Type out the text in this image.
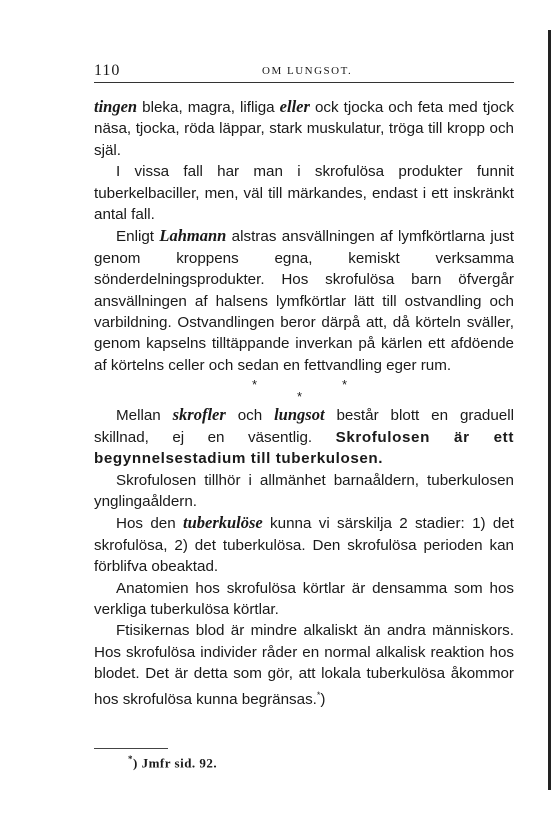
110	OM LUNGSOT.

tingen bleka, magra, lifliga eller ock tjocka och feta med tjock näsa, tjocka, röda läppar, stark muskulatur, tröga till kropp och själ.

I vissa fall har man i skrofulösa produkter funnit tuberkelbaciller, men, väl till märkandes, endast i ett inskränkt antal fall.

Enligt Lahmann alstras ansvällningen af lymfkörtlarna just genom kroppens egna, kemiskt verksamma sönderdelningsprodukter. Hos skrofulösa barn öfvergår ansvällningen af halsens lymfkörtlar lätt till ostvandling och varbildning. Ostvandlingen beror därpå att, då körteln sväller, genom kapselns tilltäppande inverkan på kärlen ett afdöende af körtelns celler och sedan en fettvandling eger rum.

*	*
*

Mellan skrofler och lungsot består blott en graduell skillnad, ej en väsentlig. Skrofulosen är ett begynnelsestadium till tuberkulosen.

Skrofulosen tillhör i allmänhet barnaåldern, tuberkulosen ynglingaåldern.

Hos den tuberkulöse kunna vi särskilja 2 stadier: 1) det skrofulösa, 2) det tuberkulösa. Den skrofulösa perioden kan förblifva obeaktad.

Anatomien hos skrofulösa körtlar är densamma som hos verkliga tuberkulösa körtlar.

Ftisikernas blod är mindre alkaliskt än andra människors. Hos skrofulösa individer råder en normal alkalisk reaktion hos blodet. Det är detta som gör, att lokala tuberkulösa åkommor hos skrofulösa kunna begränsas.*)

*) Jmfr sid. 92.
